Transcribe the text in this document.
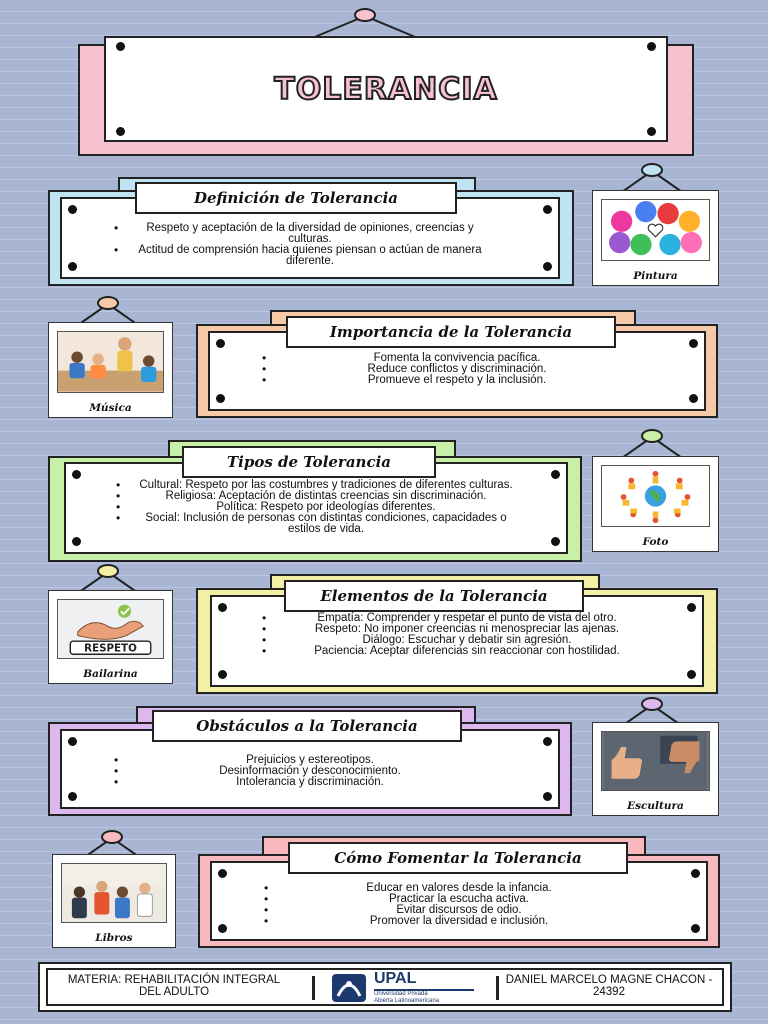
TOLERANCIA
• Respeto y aceptación de la diversidad de opiniones, creencias y culturas.
• Actitud de comprensión hacia quienes piensan o actúan de manera diferente.
Definición de Tolerancia
Pintura
Música
• Fomenta la convivencia pacífica.
• Reduce conflictos y discriminación.
• Promueve el respeto y la inclusión.
Importancia de la Tolerancia
• Cultural: Respeto por las costumbres y tradiciones de diferentes culturas.
• Religiosa: Aceptación de distintas creencias sin discriminación.
• Política: Respeto por ideologías diferentes.
• Social: Inclusión de personas con distintas condiciones, capacidades o estilos de vida.
Tipos de Tolerancia
Foto
RESPETO
Bailarina
• Empatía: Comprender y respetar el punto de vista del otro.
• Respeto: No imponer creencias ni menospreciar las ajenas.
• Diálogo: Escuchar y debatir sin agresión.
• Paciencia: Aceptar diferencias sin reaccionar con hostilidad.
Elementos de la Tolerancia
• Prejuicios y estereotipos.
• Desinformación y desconocimiento.
• Intolerancia y discriminación.
Obstáculos a la Tolerancia
Escultura
Libros
• Educar en valores desde la infancia.
• Practicar la escucha activa.
• Evitar discursos de odio.
• Promover la diversidad e inclusión.
Cómo Fomentar la Tolerancia
MATERIA: REHABILITACIÓN INTEGRAL DEL ADULTO
UPAL
Universidad Privada
Abierta Latinoamericana
DANIEL MARCELO MAGNE CHACON - 24392
